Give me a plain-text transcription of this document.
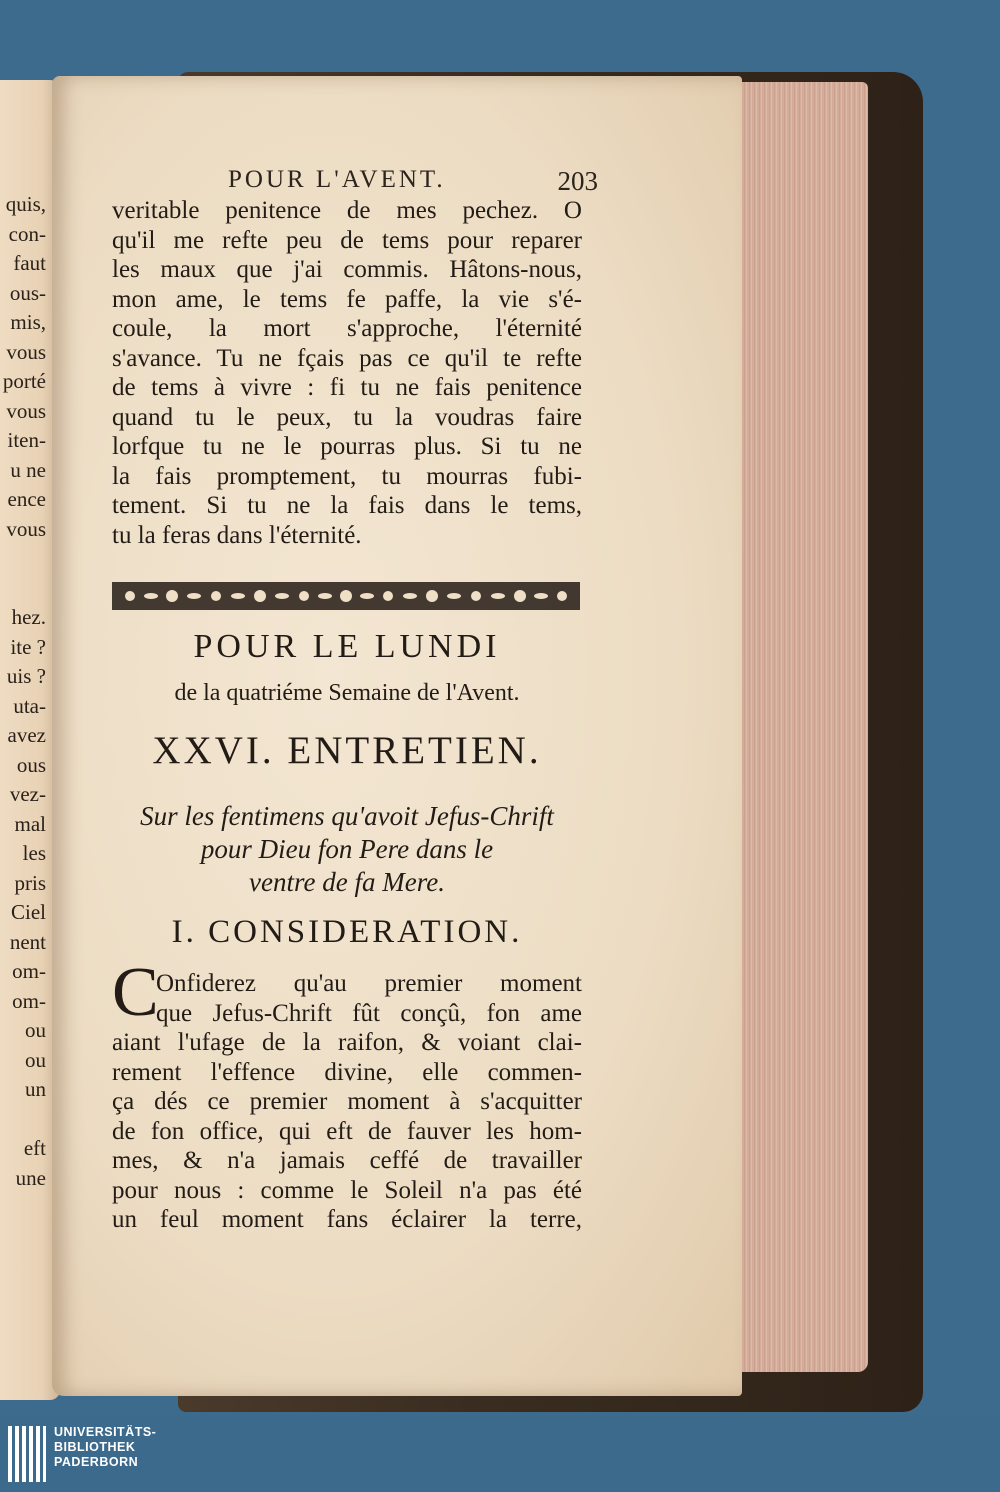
quis,
con-
faut
ous-
mis,
vous
porté
vous
iten-
u ne
ence
vous

hez.
ite ?
uis ?
uta-
avez
ous
vez-
mal
les
pris
Ciel
nent
om-
om-
ou
ou
un

eft
une
POUR L'AVENT.	203
veritable penitence de mes pechez. O
qu'il me refte peu de tems pour reparer
les maux que j'ai commis. Hâtons-nous,
mon ame, le tems fe paffe, la vie s'é-
coule, la mort s'approche, l'éternité
s'avance. Tu ne fçais pas ce qu'il te refte
de tems à vivre : fi tu ne fais penitence
quand tu le peux, tu la voudras faire
lorfque tu ne le pourras plus. Si tu ne
la fais promptement, tu mourras fubi-
tement. Si tu ne la fais dans le tems,
tu la feras dans l'éternité.
POUR LE LUNDI
de la quatriéme Semaine de l'Avent.
XXVI. ENTRETIEN.
Sur les fentimens qu'avoit Jefus-Chrift
pour Dieu fon Pere dans le
ventre de fa Mere.
I. CONSIDERATION.
C
Onfiderez qu'au premier moment
que Jefus-Chrift fût conçû, fon ame
aiant l'ufage de la raifon, & voiant clai-
rement l'effence divine, elle commen-
ça dés ce premier moment à s'acquitter
de fon office, qui eft de fauver les hom-
mes, & n'a jamais ceffé de travailler
pour nous : comme le Soleil n'a pas été
un feul moment fans éclairer la terre,
UNIVERSITÄTS-
BIBLIOTHEK
PADERBORN
